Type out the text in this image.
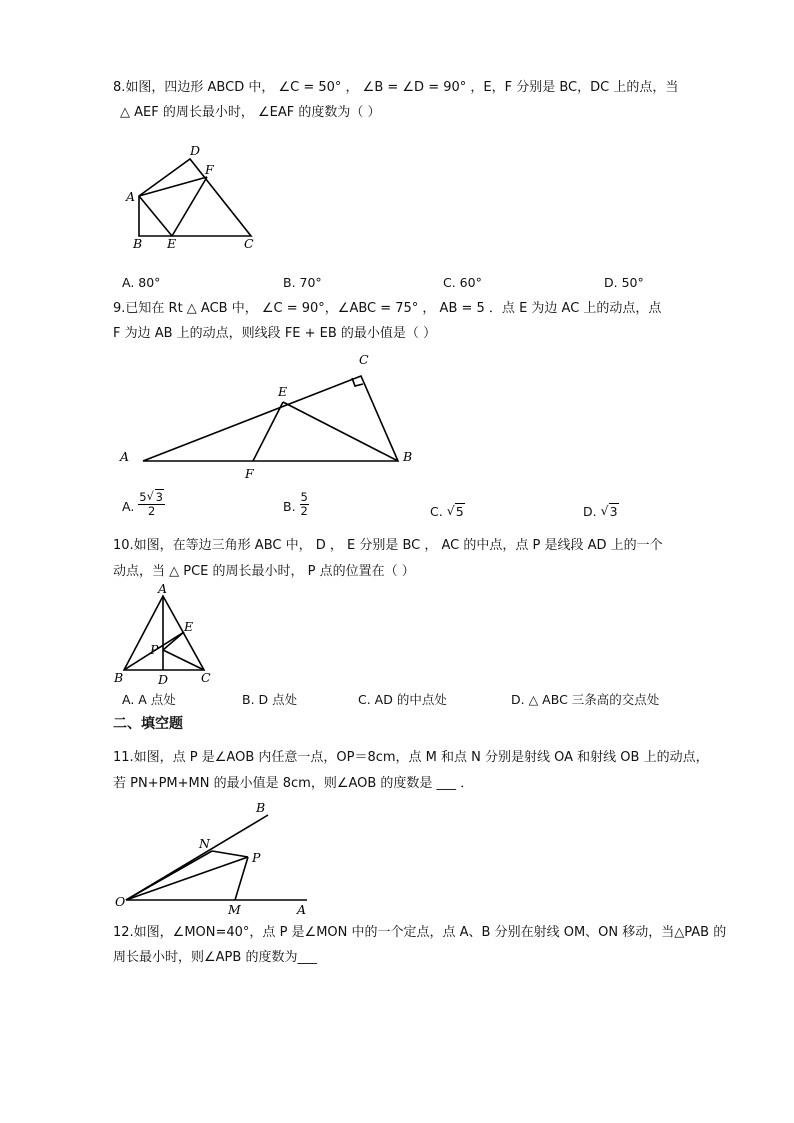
8.如图，四边形 ABCD 中， ∠C = 50° ， ∠B = ∠D = 90° ，E，F 分别是 BC，DC 上的点，当
△ AEF 的周长最小时， ∠EAF 的度数为（ ）
D
F
A
B E	C
A. 80°	B. 70°	C. 60°	D. 50°
9.已知在 Rt △ ACB 中， ∠C = 90°，∠ABC = 75° ， AB = 5 ．点 E 为边 AC 上的动点，点
F 为边 AB 上的动点，则线段 FE + EB 的最小值是（ ）
C
E
A	B
F
A. $\frac{5 √ 3}{2}$	B. $\frac{5}{2}$	C. √ 5	D. √ 3
10.如图，在等边三角形 ABC 中， D ， E 分别是 BC ， AC 的中点，点 P 是线段 AD 上的一个
动点，当 △ PCE 的周长最小时， P 点的位置在（ ）
A
E
P
B	D	C
A. A 点处	B. D 点处	C. AD 的中点处	D. △ ABC 三条高的交点处
二、填空题
11.如图，点 P 是∠AOB 内任意一点，OP＝8cm，点 M 和点 N 分别是射线 OA 和射线 OB 上的动点，
若 PN+PM+MN 的最小值是 8cm，则∠AOB 的度数是 ___ ．
B
N
P
O
M	A
12.如图，∠MON=40°，点 P 是∠MON 中的一个定点，点 A、B 分别在射线 OM、ON 移动，当△PAB 的
周长最小时，则∠APB 的度数为___
